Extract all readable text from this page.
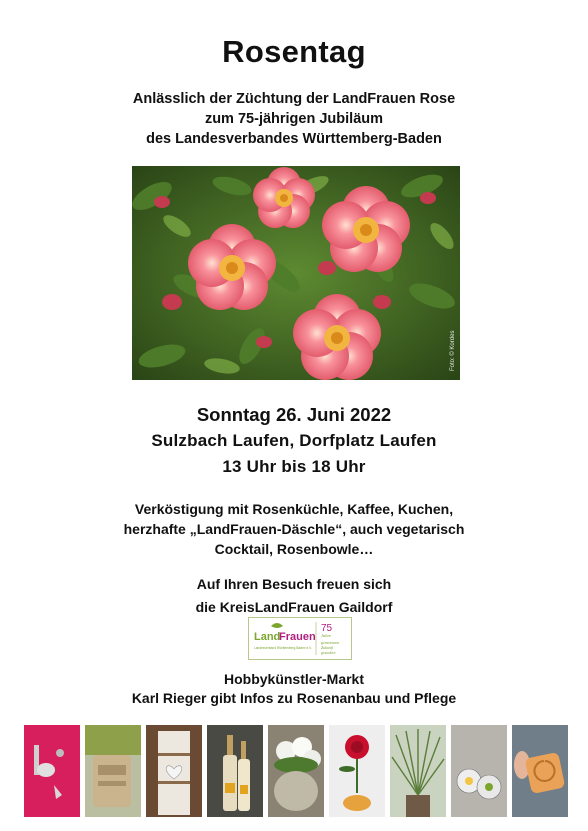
Rosentag
Anlässlich der Züchtung der LandFrauen Rose
zum 75-jährigen Jubiläum
des Landesverbandes Württemberg-Baden
Foto: © Kordes
Sonntag 26. Juni 2022
Sulzbach Laufen, Dorfplatz Laufen
13 Uhr bis 18 Uhr
Verköstigung mit Rosenküchle, Kaffee, Kuchen,
herzhafte „LandFrauen-Däschle“, auch vegetarisch
Cocktail, Rosenbowle…
Auf Ihren Besuch freuen sich
die KreisLandFrauen Gaildorf
Land
Frauen
Landesverband Württemberg-Baden e.V.
75
Jahre
gemeinsam
Zukunft
gestalten
Hobbykünstler-Markt
Karl Rieger gibt Infos zu Rosenanbau und Pflege
